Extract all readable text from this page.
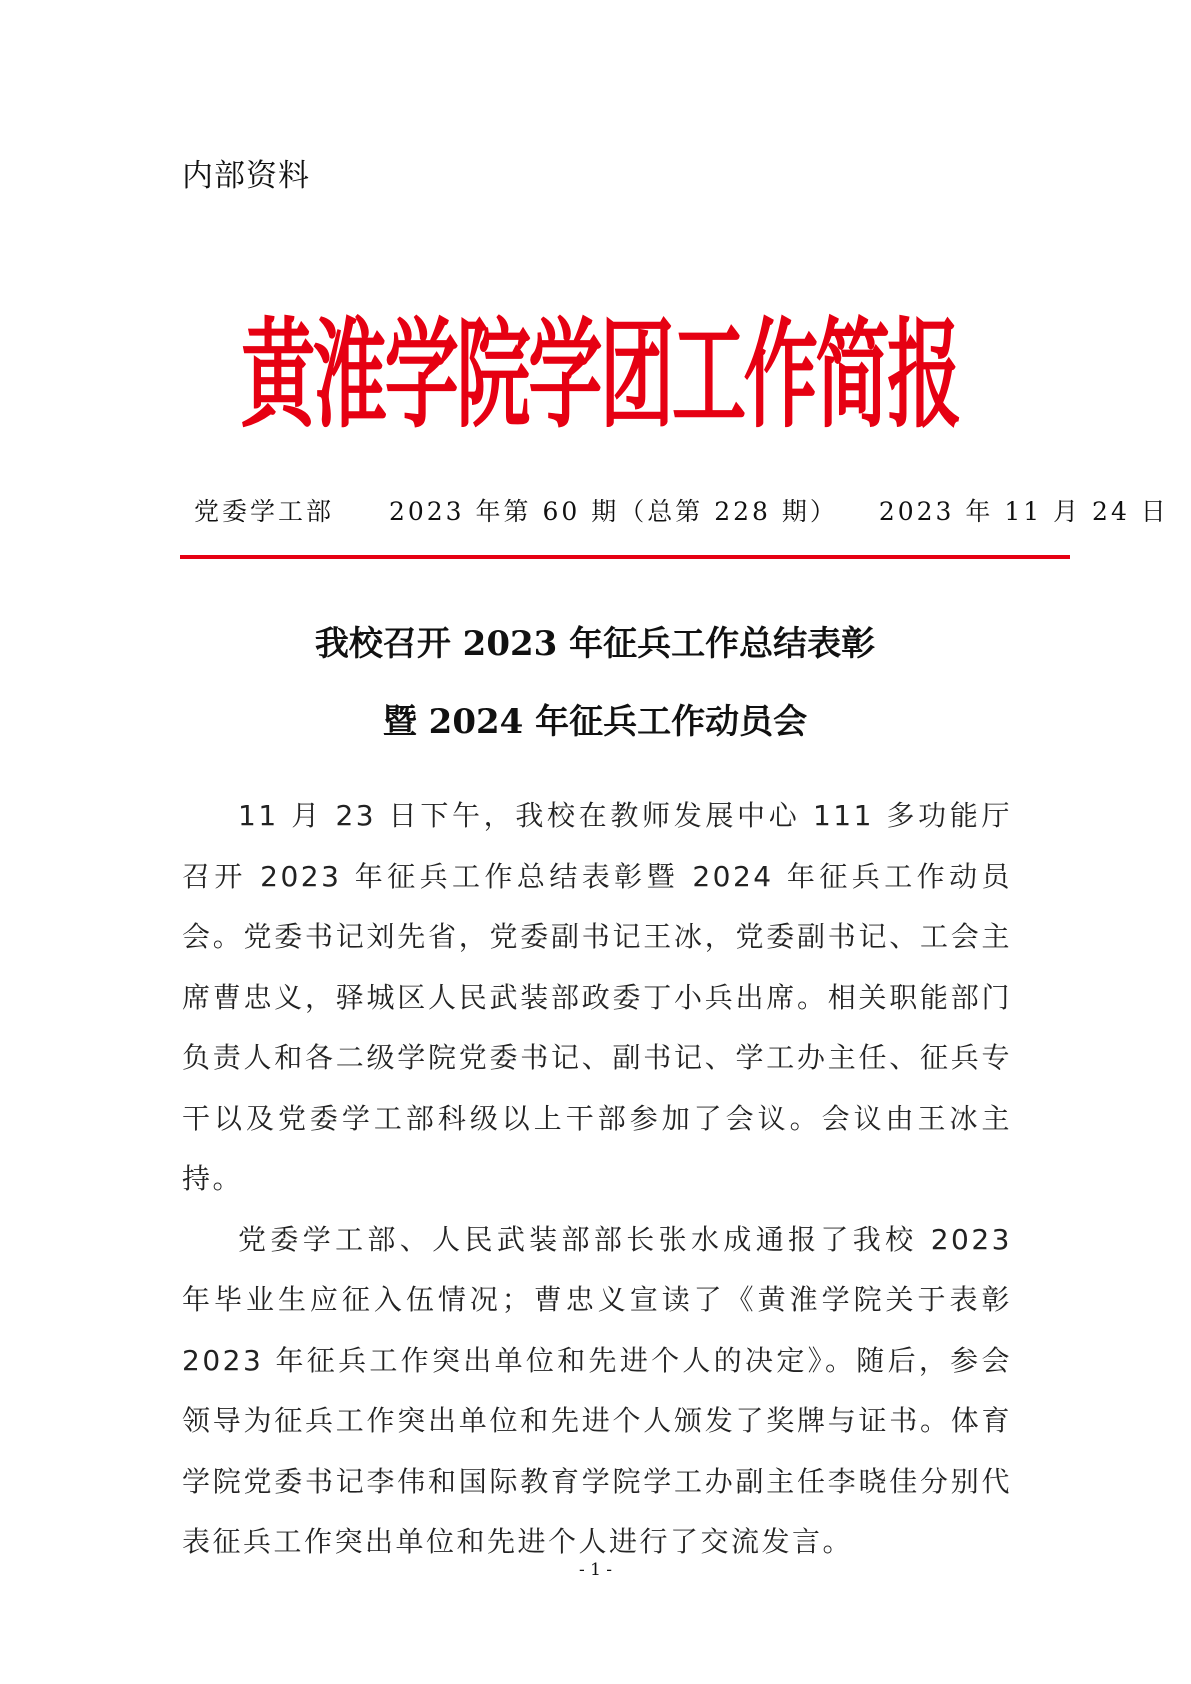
内部资料
黄淮学院学团工作简报
党委学工部 2023 年第 60 期（总第 228 期） 2023 年 11 月 24 日
我校召开 2023 年征兵工作总结表彰
暨 2024 年征兵工作动员会

11 月 23 日下午，我校在教师发展中心 111 多功能厅召开 2023 年征兵工作总结表彰暨 2024 年征兵工作动员会。党委书记刘先省，党委副书记王冰，党委副书记、工会主席曹忠义，驿城区人民武装部政委丁小兵出席。相关职能部门负责人和各二级学院党委书记、副书记、学工办主任、征兵专干以及党委学工部科级以上干部参加了会议。会议由王冰主持。

党委学工部、人民武装部部长张水成通报了我校 2023 年毕业生应征入伍情况；曹忠义宣读了《黄淮学院关于表彰 2023 年征兵工作突出单位和先进个人的决定》。随后，参会领导为征兵工作突出单位和先进个人颁发了奖牌与证书。体育学院党委书记李伟和国际教育学院学工办副主任李晓佳分别代表征兵工作突出单位和先进个人进行了交流发言。

- 1 -
